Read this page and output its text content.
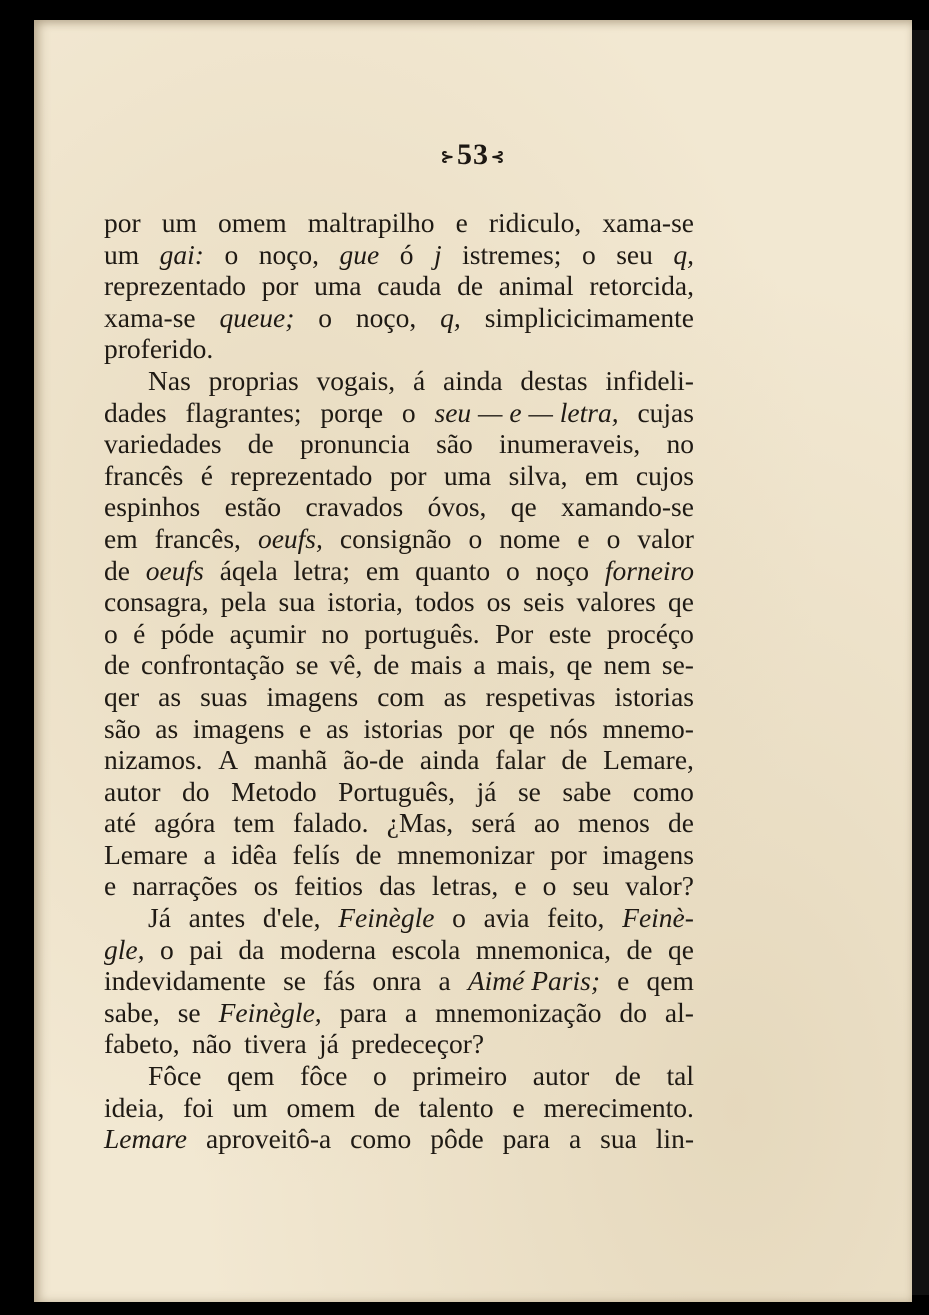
⊱53 ⊰
por um omem maltrapilho e ridiculo, xama-se
um gai: o noço, gue ó j istremes; o seu q,
reprezentado por uma cauda de animal retorcida,
xama-se queue; o noço, q, simplicicimamente
proferido.
Nas proprias vogais, á ainda destas infideli-
dades flagrantes; porqe o seu — e — letra, cujas
variedades de pronuncia são inumeraveis, no
francês é reprezentado por uma silva, em cujos
espinhos estão cravados óvos, qe xamando-se
em francês, oeufs, consignão o nome e o valor
de oeufs áqela letra; em quanto o noço forneiro
consagra, pela sua istoria, todos os seis valores qe
o é póde açumir no português. Por este procéço
de confrontação se vê, de mais a mais, qe nem se-
qer as suas imagens com as respetivas istorias
são as imagens e as istorias por qe nós mnemo-
nizamos. A manhã ão-de ainda falar de Lemare,
autor do Metodo Português, já se sabe como
até agóra tem falado. ¿Mas, será ao menos de
Lemare a idêa felís de mnemonizar por imagens
e narrações os feitios das letras, e o seu valor?
Já antes d'ele, Feinègle o avia feito, Feinè-
gle, o pai da moderna escola mnemonica, de qe
indevidamente se fás onra a Aimé Paris; e qem
sabe, se Feinègle, para a mnemonização do al-
fabeto, não tivera já predeceçor?
Fôce qem fôce o primeiro autor de tal
ideia, foi um omem de talento e merecimento.
Lemare aproveitô-a como pôde para a sua lin-
